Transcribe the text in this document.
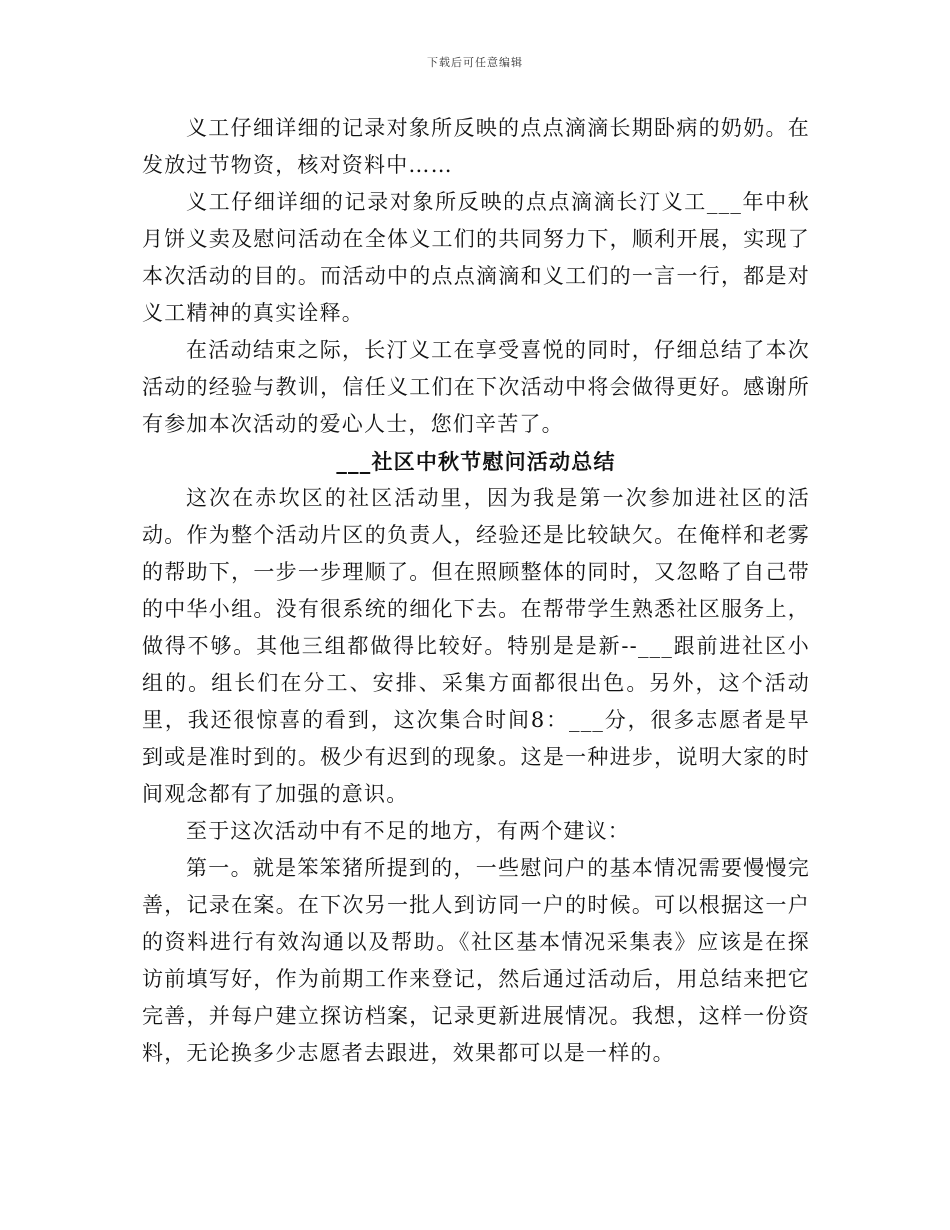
下载后可任意编辑

义工仔细详细的记录对象所反映的点点滴滴长期卧病的奶奶。在发放过节物资，核对资料中……

义工仔细详细的记录对象所反映的点点滴滴长汀义工___年中秋月饼义卖及慰问活动在全体义工们的共同努力下，顺利开展，实现了本次活动的目的。而活动中的点点滴滴和义工们的一言一行，都是对义工精神的真实诠释。

在活动结束之际，长汀义工在享受喜悦的同时，仔细总结了本次活动的经验与教训，信任义工们在下次活动中将会做得更好。感谢所有参加本次活动的爱心人士，您们辛苦了。

___社区中秋节慰问活动总结

这次在赤坎区的社区活动里，因为我是第一次参加进社区的活动。作为整个活动片区的负责人，经验还是比较缺欠。在俺样和老雾的帮助下，一步一步理顺了。但在照顾整体的同时，又忽略了自己带的中华小组。没有很系统的细化下去。在帮带学生熟悉社区服务上，做得不够。其他三组都做得比较好。特别是是新--___跟前进社区小组的。组长们在分工、安排、采集方面都很出色。另外，这个活动里，我还很惊喜的看到，这次集合时间8：___分，很多志愿者是早到或是准时到的。极少有迟到的现象。这是一种进步，说明大家的时间观念都有了加强的意识。

至于这次活动中有不足的地方，有两个建议：

第一。就是笨笨猪所提到的，一些慰问户的基本情况需要慢慢完善，记录在案。在下次另一批人到访同一户的时候。可以根据这一户的资料进行有效沟通以及帮助。《社区基本情况采集表》应该是在探访前填写好，作为前期工作来登记，然后通过活动后，用总结来把它完善，并每户建立探访档案，记录更新进展情况。我想，这样一份资料，无论换多少志愿者去跟进，效果都可以是一样的。
